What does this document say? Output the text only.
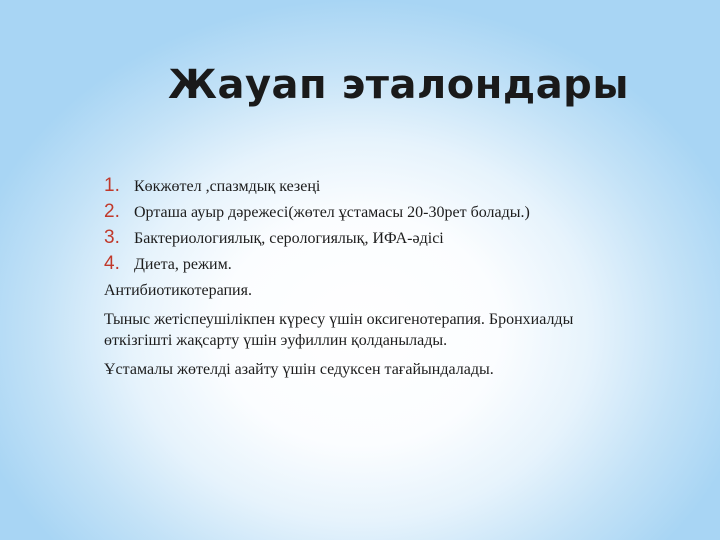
Жауап эталондары
1. Көкжөтел ,спазмдық кезеңі
2. Орташа ауыр дәрежесі(жөтел ұстамасы 20-30рет болады.)
3. Бактериологиялық, серологиялық, ИФА-әдісі
4. Диета, режим.
Антибиотикотерапия.
Тыныс жетіспеушілікпен күресу үшін оксигенотерапия. Бронхиалды өткізгішті жақсарту үшін эуфиллин қолданылады.
Ұстамалы жөтелді азайту үшін седуксен тағайындалады.
